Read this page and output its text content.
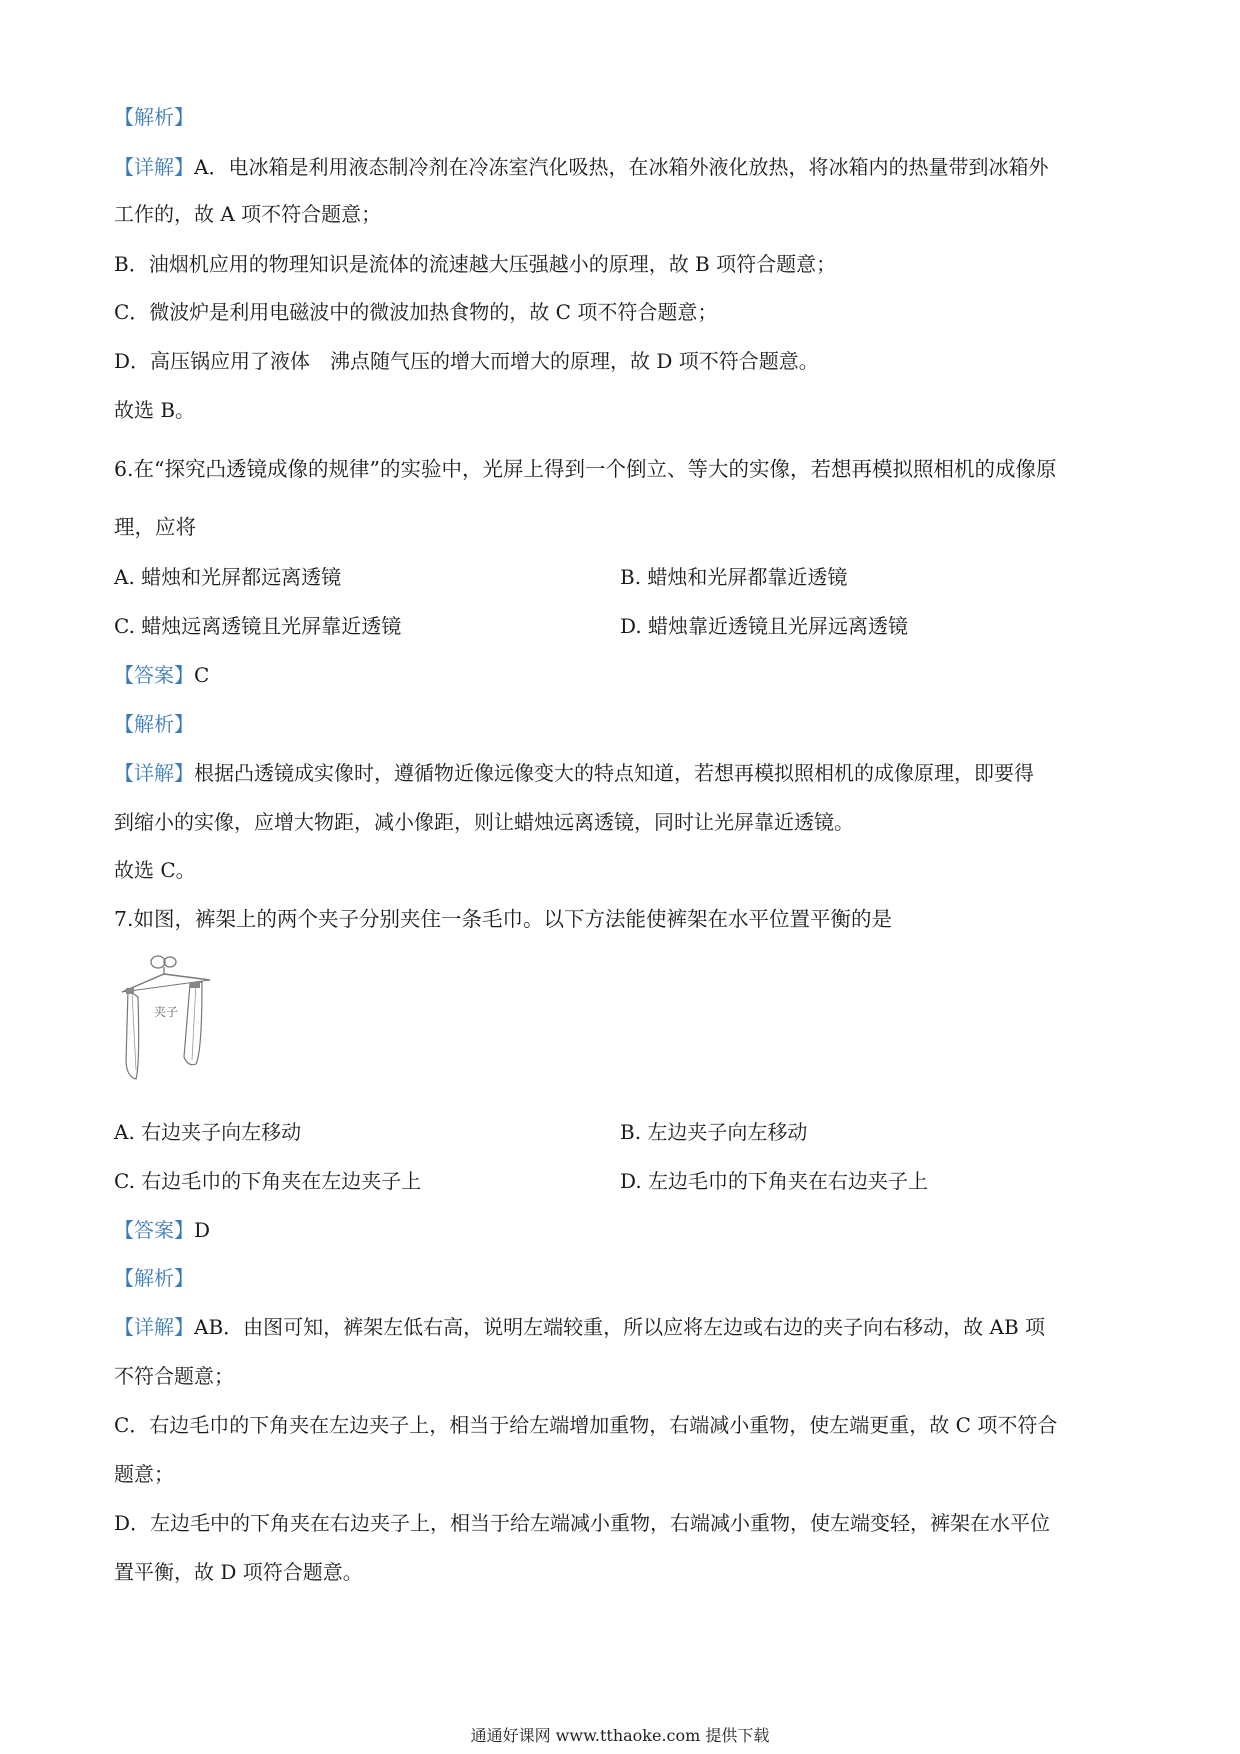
【解析】
【详解】A．电冰箱是利用液态制冷剂在冷冻室汽化吸热，在冰箱外液化放热，将冰箱内的热量带到冰箱外
工作的，故 A 项不符合题意；
B．油烟机应用的物理知识是流体的流速越大压强越小的原理，故 B 项符合题意；
C．微波炉是利用电磁波中的微波加热食物的，故 C 项不符合题意；
D．高压锅应用了液体　沸点随气压的增大而增大的原理，故 D 项不符合题意。
故选 B。
6.在“探究凸透镜成像的规律”的实验中，光屏上得到一个倒立、等大的实像，若想再模拟照相机的成像原
理，应将
A. 蜡烛和光屏都远离透镜	B. 蜡烛和光屏都靠近透镜
C. 蜡烛远离透镜且光屏靠近透镜	D. 蜡烛靠近透镜且光屏远离透镜
【答案】C
【解析】
【详解】根据凸透镜成实像时，遵循物近像远像变大的特点知道，若想再模拟照相机的成像原理，即要得
到缩小的实像，应增大物距，减小像距，则让蜡烛远离透镜，同时让光屏靠近透镜。
故选 C。
7.如图，裤架上的两个夹子分别夹住一条毛巾。以下方法能使裤架在水平位置平衡的是
夹子
A. 右边夹子向左移动	B. 左边夹子向左移动
C. 右边毛巾的下角夹在左边夹子上	D. 左边毛巾的下角夹在右边夹子上
【答案】D
【解析】
【详解】AB．由图可知，裤架左低右高，说明左端较重，所以应将左边或右边的夹子向右移动，故 AB 项
不符合题意；
C．右边毛巾的下角夹在左边夹子上，相当于给左端增加重物，右端减小重物，使左端更重，故 C 项不符合
题意；
D．左边毛中的下角夹在右边夹子上，相当于给左端减小重物，右端减小重物，使左端变轻，裤架在水平位
置平衡，故 D 项符合题意。
通通好课网 www.tthaoke.com 提供下载
